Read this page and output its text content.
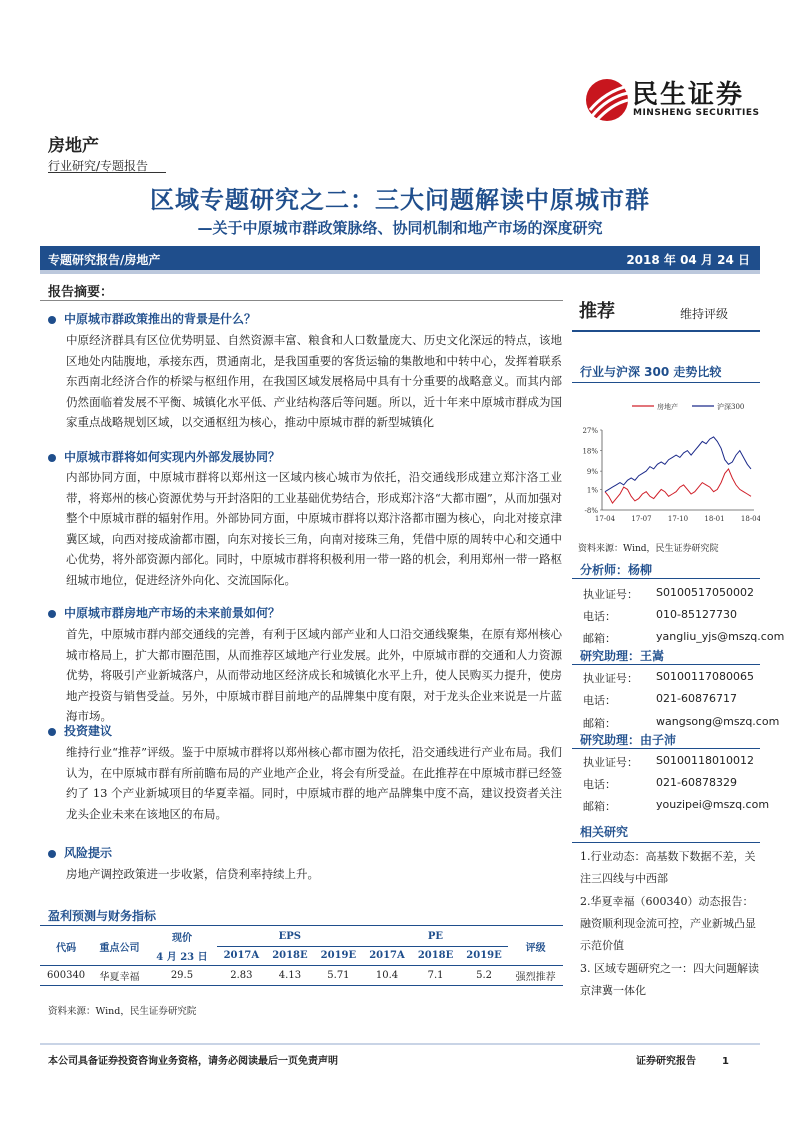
民生证券
MINSHENG SECURITIES
房地产
行业研究/专题报告
区域专题研究之二：三大问题解读中原城市群
—关于中原城市群政策脉络、协同机制和地产市场的深度研究
专题研究报告/房地产	2018 年 04 月 24 日
报告摘要：
中原城市群政策推出的背景是什么？
中原经济群具有区位优势明显、自然资源丰富、粮食和人口数量庞大、历史文化深远的特点，该地区地处内陆腹地，承接东西，贯通南北，是我国重要的客货运输的集散地和中转中心，发挥着联系东西南北经济合作的桥梁与枢纽作用，在我国区域发展格局中具有十分重要的战略意义。而其内部仍然面临着发展不平衡、城镇化水平低、产业结构落后等问题。所以，近十年来中原城市群成为国家重点战略规划区域，以交通枢纽为核心，推动中原城市群的新型城镇化
中原城市群将如何实现内外部发展协同？
内部协同方面，中原城市群将以郑州这一区域内核心城市为依托，沿交通线形成建立郑汴洛工业带，将郑州的核心资源优势与开封洛阳的工业基础优势结合，形成郑汴洛“大都市圈”，从而加强对整个中原城市群的辐射作用。外部协同方面，中原城市群将以郑汴洛都市圈为核心，向北对接京津冀区域，向西对接成渝都市圈，向东对接长三角，向南对接珠三角，凭借中原的周转中心和交通中心优势，将外部资源内部化。同时，中原城市群将积极利用一带一路的机会，利用郑州一带一路枢纽城市地位，促进经济外向化、交流国际化。
中原城市群房地产市场的未来前景如何？
首先，中原城市群内部交通线的完善，有利于区域内部产业和人口沿交通线聚集，在原有郑州核心城市格局上，扩大都市圈范围，从而推荐区域地产行业发展。此外，中原城市群的交通和人力资源优势，将吸引产业新城落户，从而带动地区经济成长和城镇化水平上升，使人民购买力提升，使房地产投资与销售受益。另外，中原城市群目前地产的品牌集中度有限，对于龙头企业来说是一片蓝海市场。
投资建议
维持行业“推荐”评级。鉴于中原城市群将以郑州核心都市圈为依托，沿交通线进行产业布局。我们认为，在中原城市群有所前瞻布局的产业地产企业，将会有所受益。在此推荐在中原城市群已经签约了 13 个产业新城项目的华夏幸福。同时，中原城市群的地产品牌集中度不高，建议投资者关注龙头企业未来在该地区的布局。
风险提示
房地产调控政策进一步收紧，信贷利率持续上升。
推荐	维持评级
行业与沪深 300 走势比较
27%
18%
9%
1%
-8%
17-04 17-07 17-10 18-01 18-04
房地产	沪深300
资料来源：Wind，民生证券研究院
分析师：杨柳
执业证号： S0100517050002
电话：	010-85127730
邮箱：	yangliu_yjs@mszq.com
研究助理：王嵩
执业证号： S0100117080065
电话：	021-60876717
邮箱：	wangsong@mszq.com
研究助理：由子沛
执业证号： S0100118010012
电话：	021-60878329
邮箱：	youzipei@mszq.com
相关研究
1.行业动态：高基数下数据不差，关注三四线与中西部
2.华夏幸福（600340）动态报告：融资顺利现金流可控，产业新城凸显示范价值
3. 区域专题研究之一：四大问题解读京津冀一体化
盈利预测与财务指标
代码	重点公司	现价	EPS			PE			评级
		4 月 23 日	2017A	2018E	2019E	2017A	2018E	2019E	
600340	华夏幸福	29.5	2.83	4.13	5.71	10.4	7.1	5.2	强烈推荐
资料来源：Wind，民生证券研究院
本公司具备证券投资咨询业务资格，请务必阅读最后一页免责声明	证券研究报告	1
